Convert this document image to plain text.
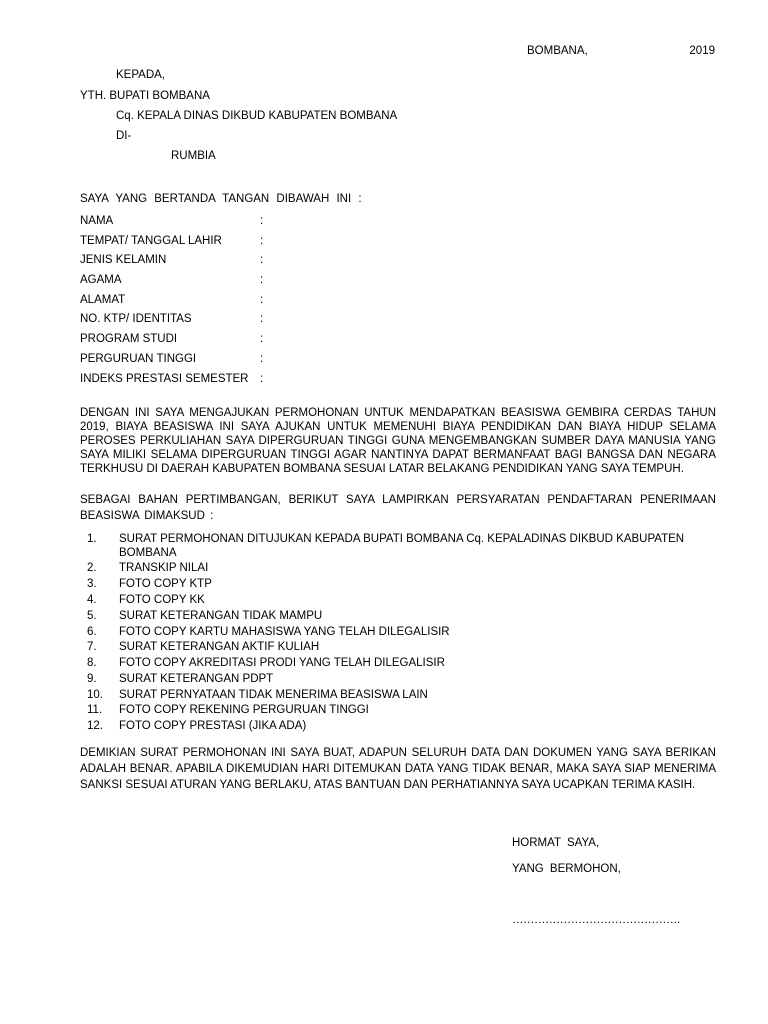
BOMBANA,	2019
KEPADA,
YTH. BUPATI BOMBANA
Cq. KEPALA DINAS DIKBUD KABUPATEN BOMBANA
DI-
RUMBIA
SAYA YANG BERTANDA TANGAN DIBAWAH INI :
NAMA	:
TEMPAT/ TANGGAL LAHIR	:
JENIS KELAMIN	:
AGAMA	:
ALAMAT	:
NO. KTP/ IDENTITAS	:
PROGRAM STUDI	:
PERGURUAN TINGGI	:
INDEKS PRESTASI SEMESTER :
DENGAN INI SAYA MENGAJUKAN PERMOHONAN UNTUK MENDAPATKAN BEASISWA GEMBIRA CERDAS TAHUN 2019, BIAYA BEASISWA INI SAYA AJUKAN UNTUK MEMENUHI BIAYA PENDIDIKAN DAN BIAYA HIDUP SELAMA PEROSES PERKULIAHAN SAYA DIPERGURUAN TINGGI GUNA MENGEMBANGKAN SUMBER DAYA MANUSIA YANG SAYA MILIKI SELAMA DIPERGURUAN TINGGI AGAR NANTINYA DAPAT BERMANFAAT BAGI BANGSA DAN NEGARA TERKHUSU DI DAERAH KABUPATEN BOMBANA SESUAI LATAR BELAKANG PENDIDIKAN YANG SAYA TEMPUH.
SEBAGAI BAHAN PERTIMBANGAN, BERIKUT SAYA LAMPIRKAN PERSYARATAN PENDAFTARAN PENERIMAAN BEASISWA DIMAKSUD :
1. SURAT PERMOHONAN DITUJUKAN KEPADA BUPATI BOMBANA Cq. KEPALADINAS DIKBUD KABUPATEN BOMBANA
2. TRANSKIP NILAI
3. FOTO COPY KTP
4. FOTO COPY KK
5. SURAT KETERANGAN TIDAK MAMPU
6. FOTO COPY KARTU MAHASISWA YANG TELAH DILEGALISIR
7. SURAT KETERANGAN AKTIF KULIAH
8. FOTO COPY AKREDITASI PRODI YANG TELAH DILEGALISIR
9. SURAT KETERANGAN PDPT
10. SURAT PERNYATAAN TIDAK MENERIMA BEASISWA LAIN
11. FOTO COPY REKENING PERGURUAN TINGGI
12. FOTO COPY PRESTASI (JIKA ADA)
DEMIKIAN SURAT PERMOHONAN INI SAYA BUAT, ADAPUN SELURUH DATA DAN DOKUMEN YANG SAYA BERIKAN ADALAH BENAR. APABILA DIKEMUDIAN HARI DITEMUKAN DATA YANG TIDAK BENAR, MAKA SAYA SIAP MENERIMA SANKSI SESUAI ATURAN YANG BERLAKU, ATAS BANTUAN DAN PERHATIANNYA SAYA UCAPKAN TERIMA KASIH.
HORMAT SAYA,
YANG BERMOHON,
……………………………………….
